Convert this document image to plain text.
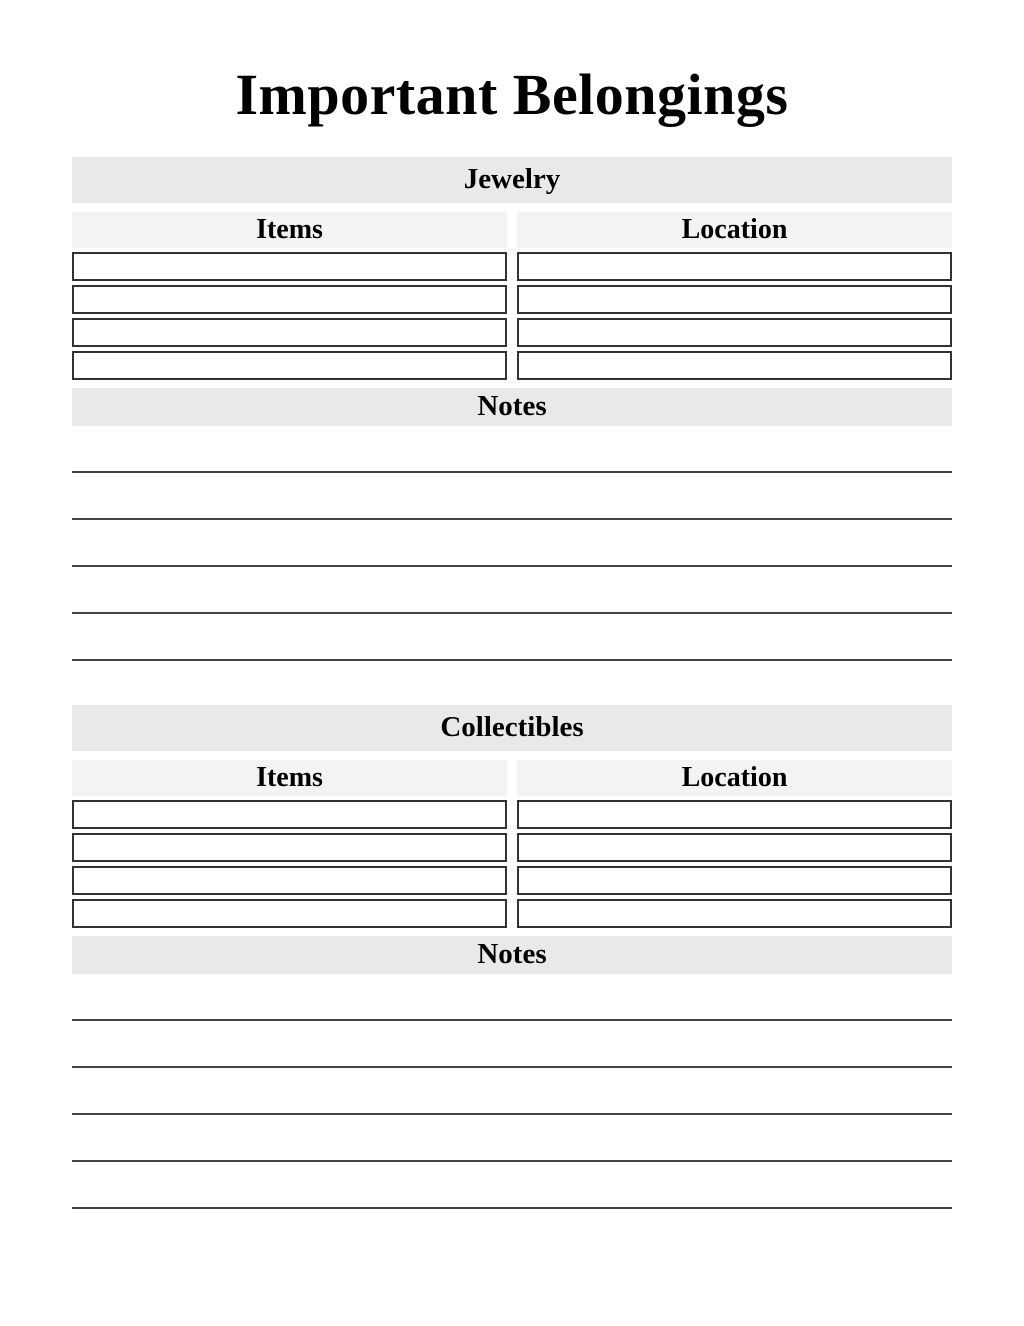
Important Belongings
Jewelry
Items	Location
Notes
Collectibles
Items	Location
Notes
